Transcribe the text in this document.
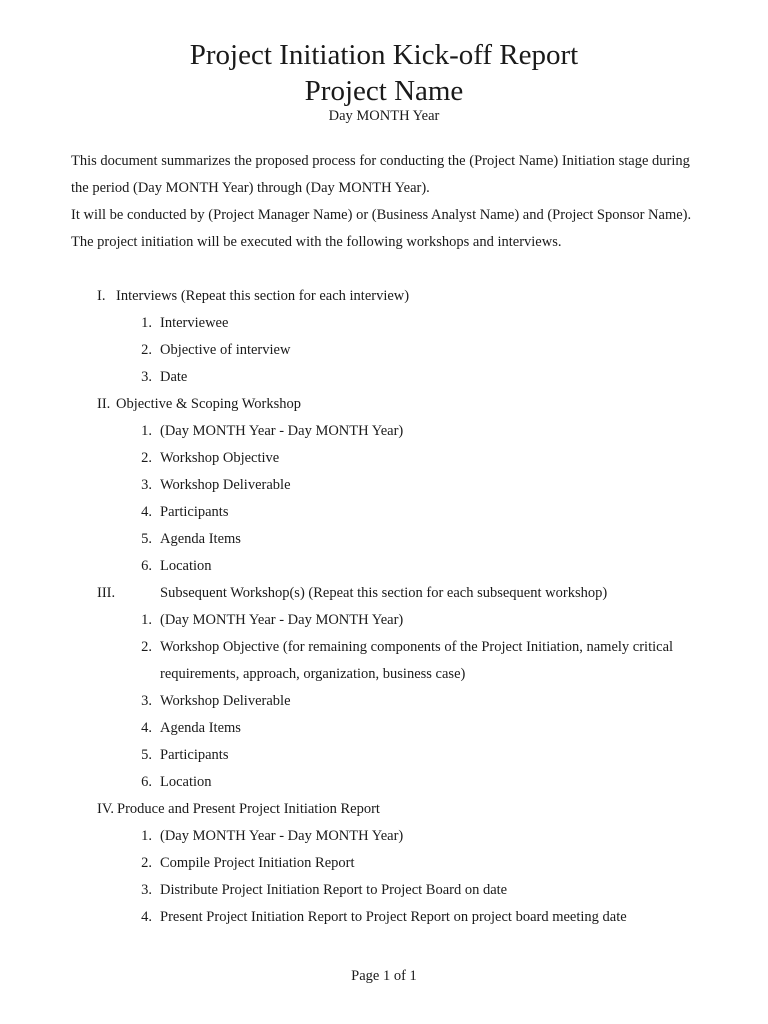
Project Initiation Kick-off Report
Project Name
Day MONTH Year

This document summarizes the proposed process for conducting the (Project Name) Initiation stage during

the period (Day MONTH Year) through (Day MONTH Year).

It will be conducted by (Project Manager Name) or (Business Analyst Name) and (Project Sponsor Name).

The project initiation will be executed with the following workshops and interviews.

I. Interviews (Repeat this section for each interview)
1. Interviewee
2. Objective of interview
3. Date
II. Objective & Scoping Workshop
1. (Day MONTH Year - Day MONTH Year)
2. Workshop Objective
3. Workshop Deliverable
4. Participants
5. Agenda Items
6. Location
III.	Subsequent Workshop(s) (Repeat this section for each subsequent workshop)
1. (Day MONTH Year - Day MONTH Year)
2. Workshop Objective (for remaining components of the Project Initiation, namely critical requirements, approach, organization, business case)
3. Workshop Deliverable
4. Agenda Items
5. Participants
6. Location
IV. Produce and Present Project Initiation Report
1. (Day MONTH Year - Day MONTH Year)
2. Compile Project Initiation Report
3. Distribute Project Initiation Report to Project Board on date
4. Present Project Initiation Report to Project Report on project board meeting date
Page 1 of 1
